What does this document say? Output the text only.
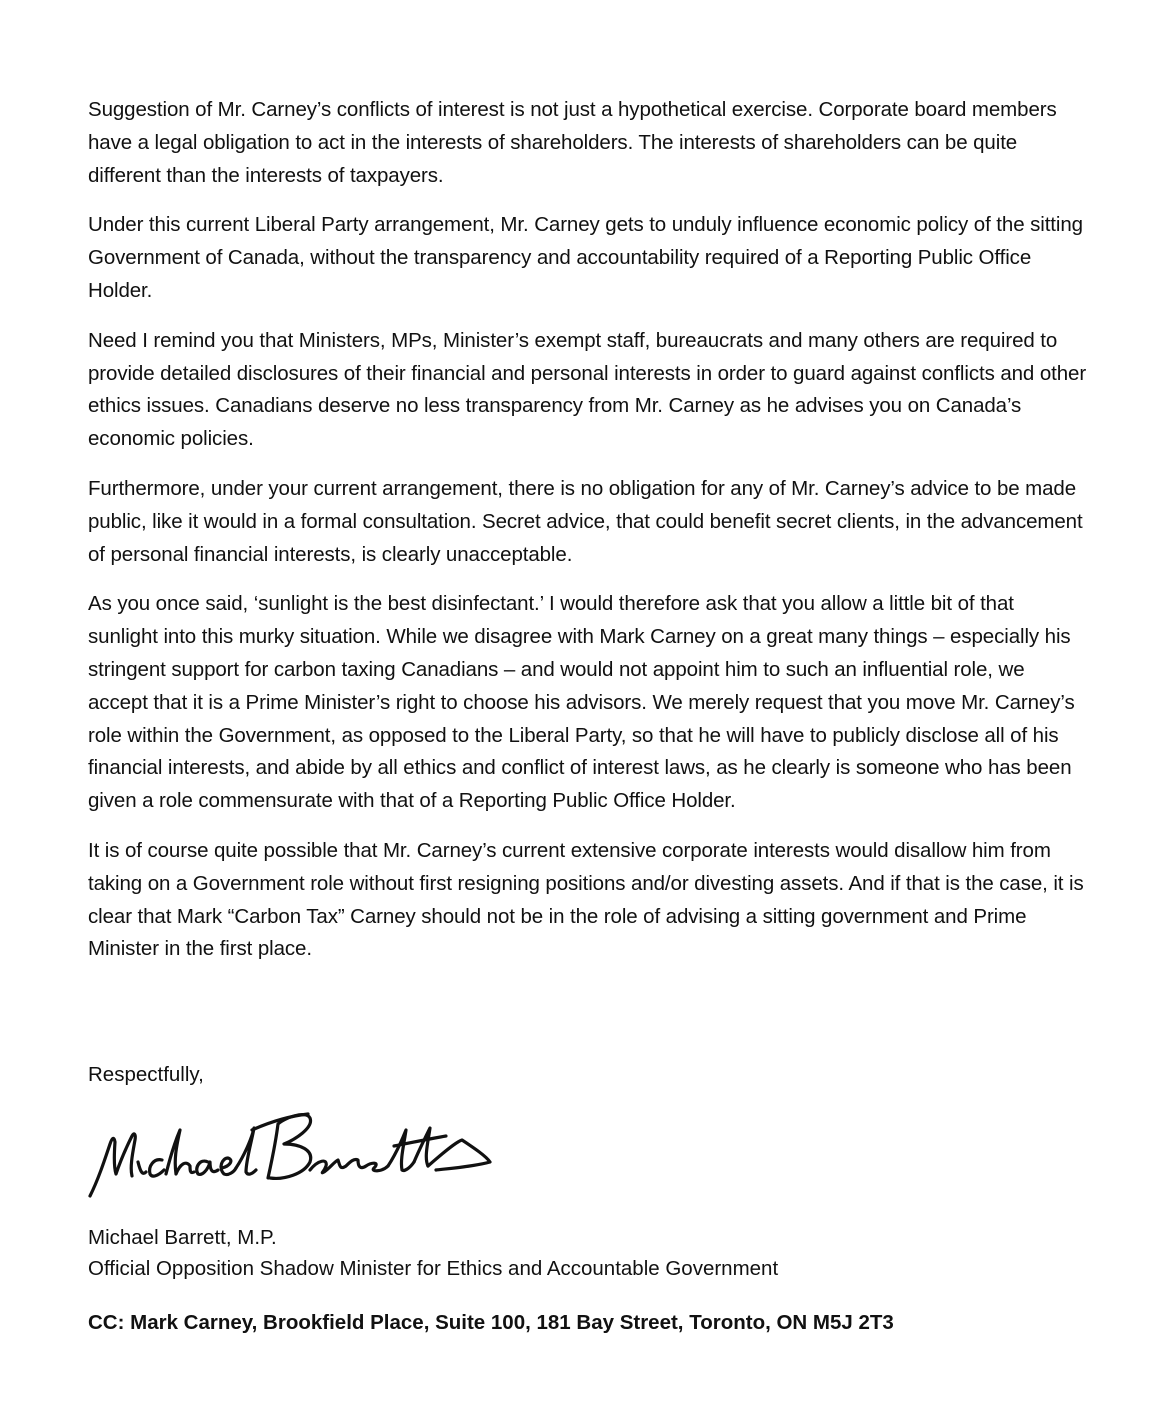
Suggestion of Mr. Carney’s conflicts of interest is not just a hypothetical exercise. Corporate board members have a legal obligation to act in the interests of shareholders. The interests of shareholders can be quite different than the interests of taxpayers.

Under this current Liberal Party arrangement, Mr. Carney gets to unduly influence economic policy of the sitting Government of Canada, without the transparency and accountability required of a Reporting Public Office Holder.

Need I remind you that Ministers, MPs, Minister’s exempt staff, bureaucrats and many others are required to provide detailed disclosures of their financial and personal interests in order to guard against conflicts and other ethics issues. Canadians deserve no less transparency from Mr. Carney as he advises you on Canada’s economic policies.

Furthermore, under your current arrangement, there is no obligation for any of Mr. Carney’s advice to be made public, like it would in a formal consultation. Secret advice, that could benefit secret clients, in the advancement of personal financial interests, is clearly unacceptable.

As you once said, ‘sunlight is the best disinfectant.’ I would therefore ask that you allow a little bit of that sunlight into this murky situation. While we disagree with Mark Carney on a great many things – especially his stringent support for carbon taxing Canadians – and would not appoint him to such an influential role, we accept that it is a Prime Minister’s right to choose his advisors. We merely request that you move Mr. Carney’s role within the Government, as opposed to the Liberal Party, so that he will have to publicly disclose all of his financial interests, and abide by all ethics and conflict of interest laws, as he clearly is someone who has been given a role commensurate with that of a Reporting Public Office Holder.

It is of course quite possible that Mr. Carney’s current extensive corporate interests would disallow him from taking on a Government role without first resigning positions and/or divesting assets. And if that is the case, it is clear that Mark “Carbon Tax” Carney should not be in the role of advising a sitting government and Prime Minister in the first place.

Respectfully,

Michael Barrett, M.P.

Official Opposition Shadow Minister for Ethics and Accountable Government

CC: Mark Carney, Brookfield Place, Suite 100, 181 Bay Street, Toronto, ON M5J 2T3
